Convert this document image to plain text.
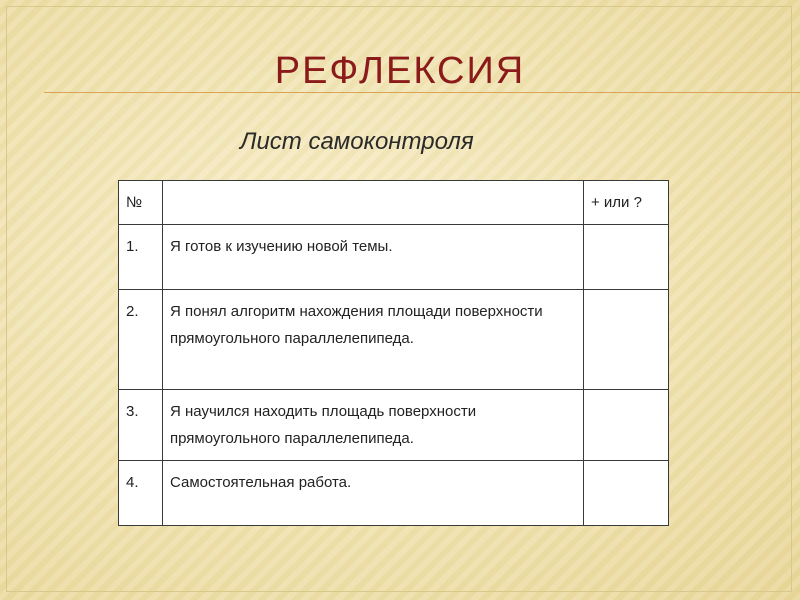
РЕФЛЕКСИЯ
Лист самоконтроля
№		+ или ?
1.	Я готов к изучению новой темы.	
2.	Я понял алгоритм нахождения площади поверхности прямоугольного параллелепипеда.	
3.	Я научился находить площадь поверхности прямоугольного параллелепипеда.	
4.	Самостоятельная работа.	
